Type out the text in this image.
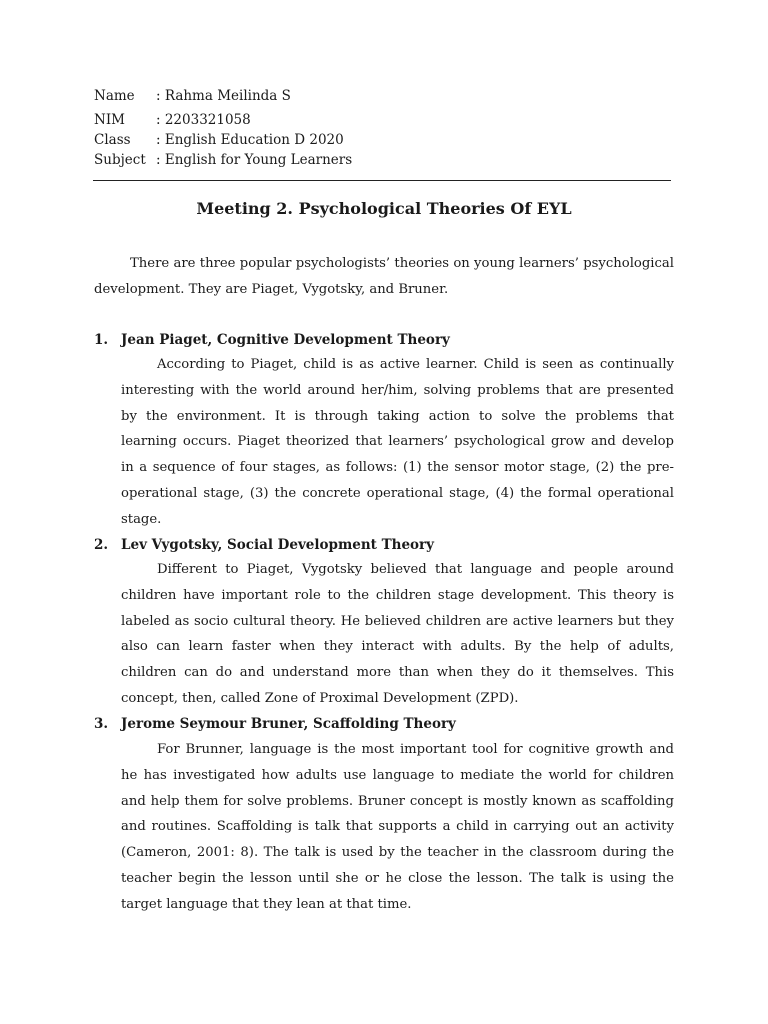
Name	: Rahma Meilinda S
NIM	: 2203321058
Class	: English Education D 2020
Subject : English for Young Learners
Meeting 2. Psychological Theories Of EYL
There are three popular psychologists’ theories on young learners’ psychological development. They are Piaget, Vygotsky, and Bruner.
1. Jean Piaget, Cognitive Development Theory
According to Piaget, child is as active learner. Child is seen as continually interesting with the world around her/him, solving problems that are presented by the environment. It is through taking action to solve the problems that learning occurs. Piaget theorized that learners’ psychological grow and develop in a sequence of four stages, as follows: (1) the sensor motor stage, (2) the pre-operational stage, (3) the concrete operational stage, (4) the formal operational stage.
2. Lev Vygotsky, Social Development Theory
Different to Piaget, Vygotsky believed that language and people around children have important role to the children stage development. This theory is labeled as socio cultural theory. He believed children are active learners but they also can learn faster when they interact with adults. By the help of adults, children can do and understand more than when they do it themselves. This concept, then, called Zone of Proximal Development (ZPD).
3. Jerome Seymour Bruner, Scaffolding Theory
For Brunner, language is the most important tool for cognitive growth and he has investigated how adults use language to mediate the world for children and help them for solve problems. Bruner concept is mostly known as scaffolding and routines. Scaffolding is talk that supports a child in carrying out an activity (Cameron, 2001: 8). The talk is used by the teacher in the classroom during the teacher begin the lesson until she or he close the lesson. The talk is using the target language that they lean at that time.
